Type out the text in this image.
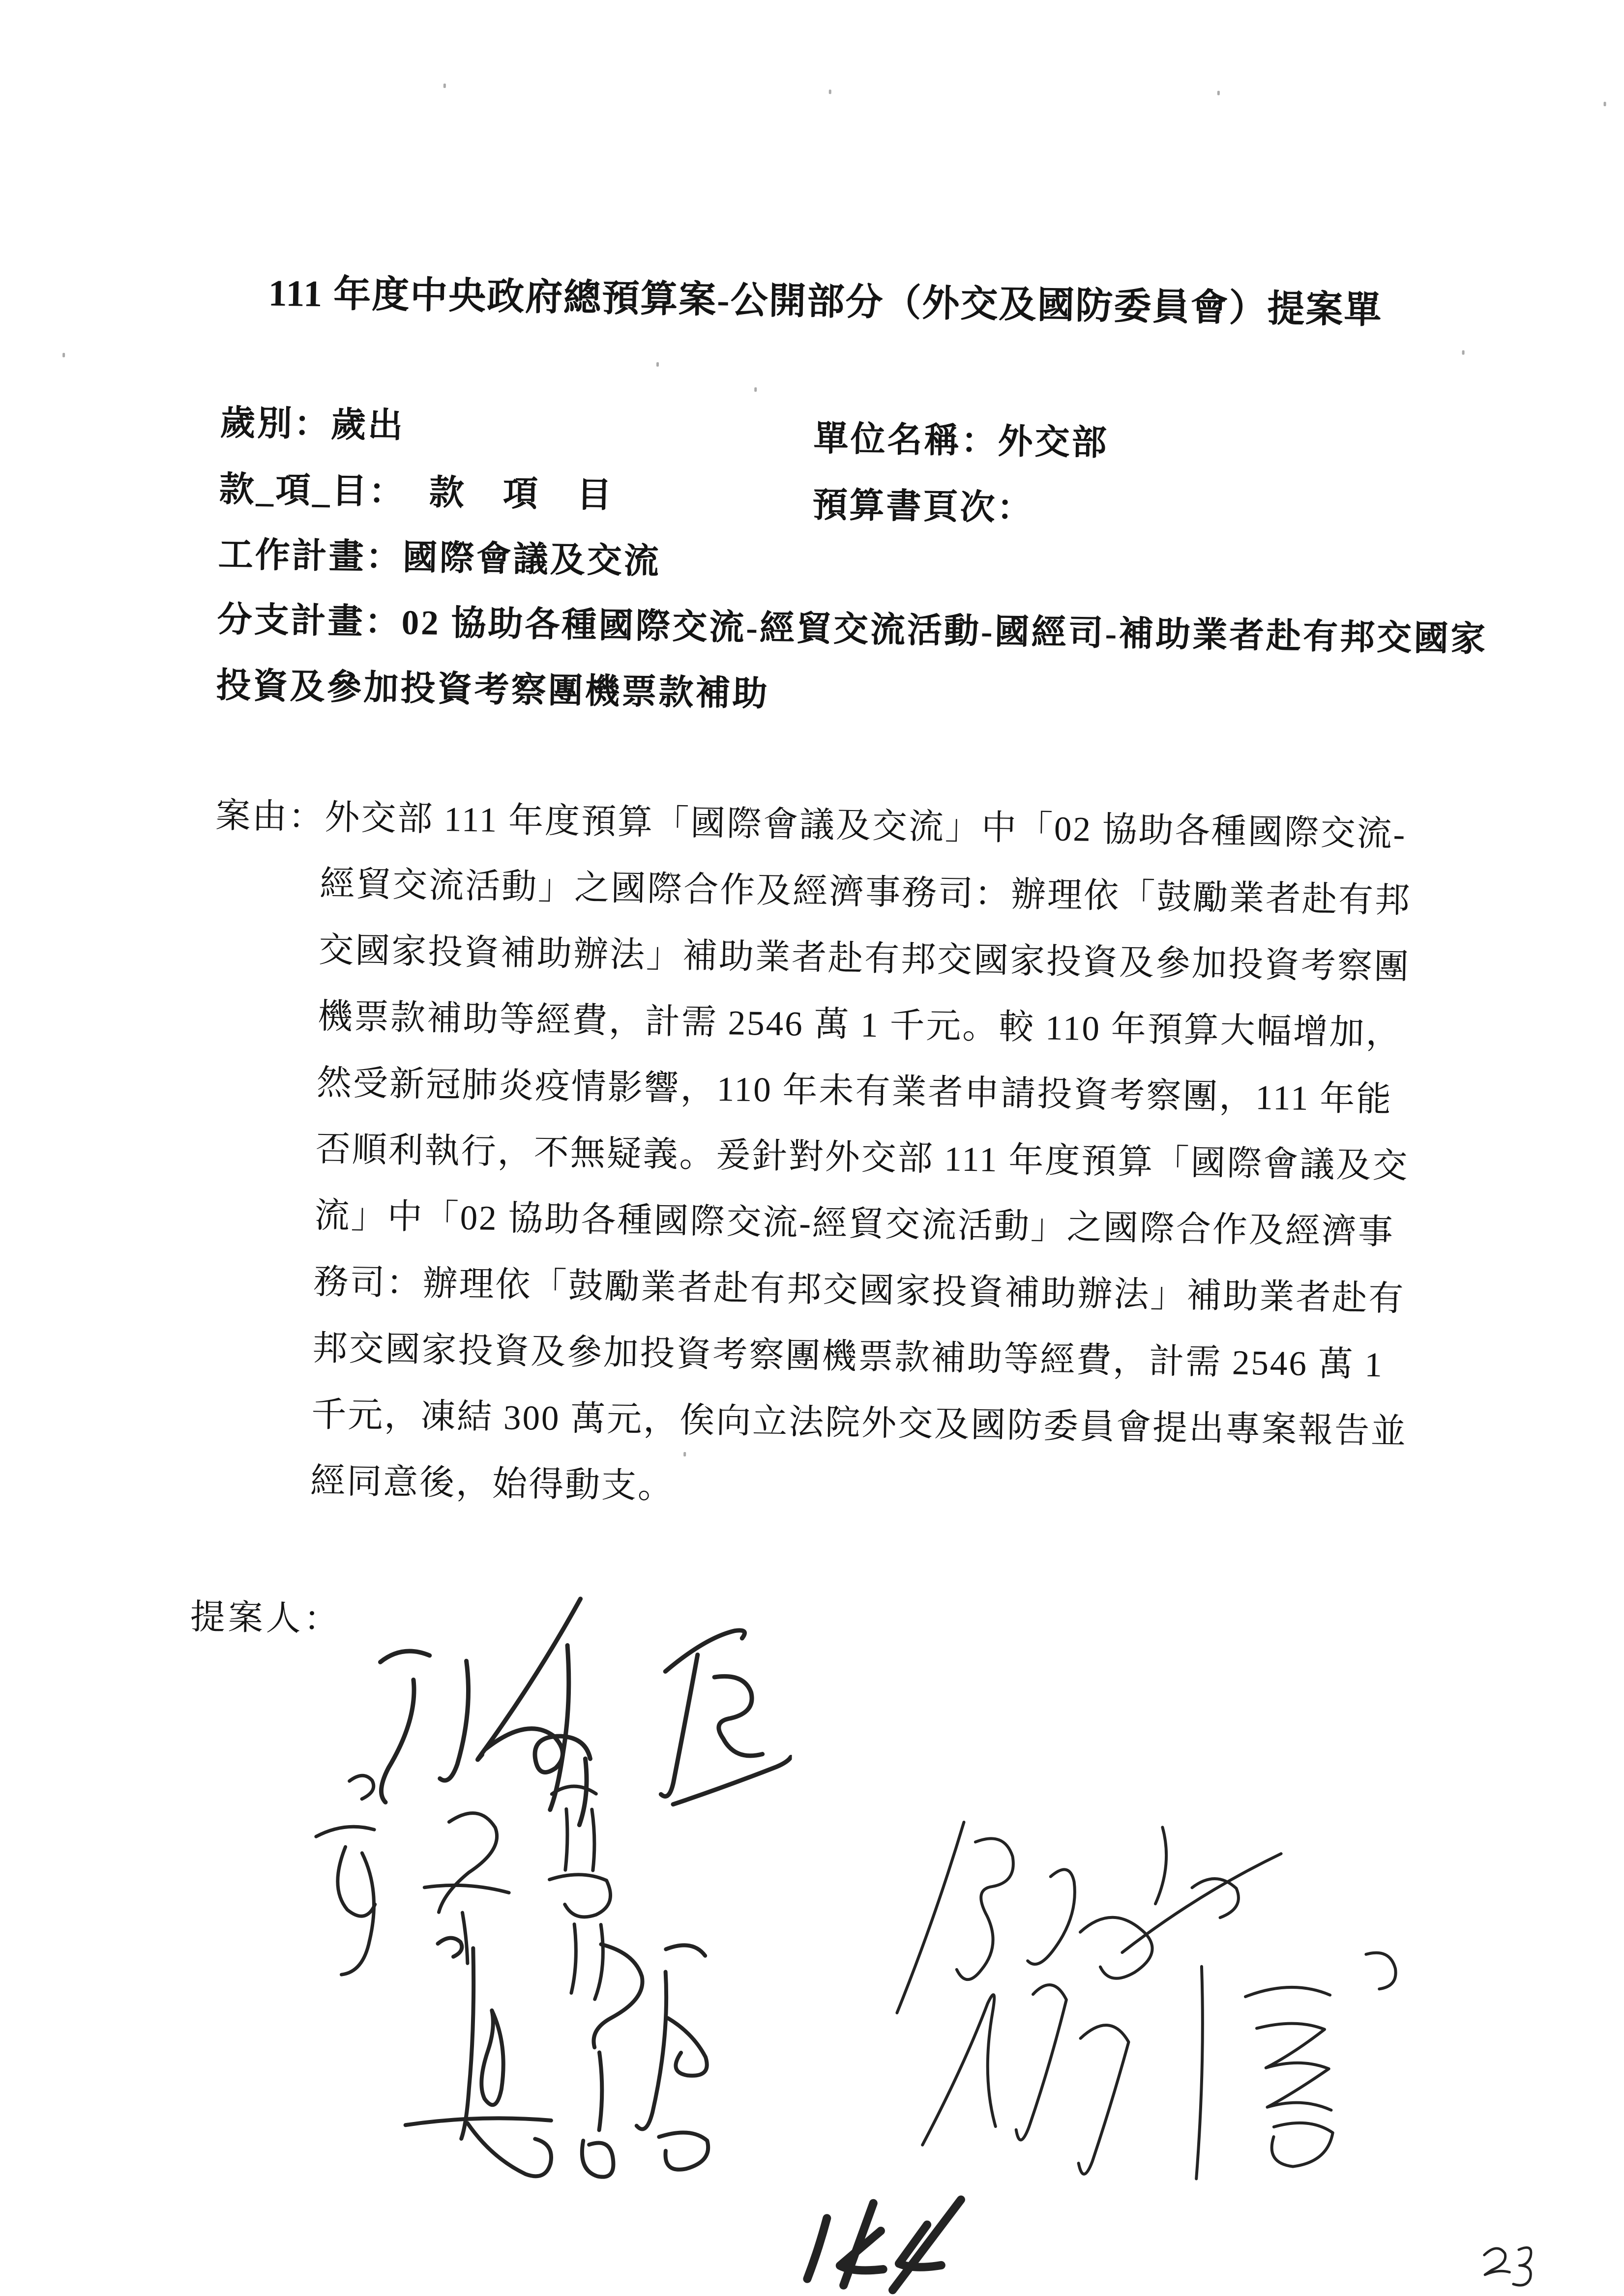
111 年度中央政府總預算案-公開部分（外交及國防委員會）提案單
歲別：歲出	單位名稱：外交部
款_項_目： 款　項　目	預算書頁次：
工作計畫：國際會議及交流
分支計畫：02 協助各種國際交流-經貿交流活動-國經司-補助業者赴有邦交國家
投資及參加投資考察團機票款補助
案由：外交部 111 年度預算「國際會議及交流」中「02 協助各種國際交流-
經貿交流活動」之國際合作及經濟事務司：辦理依「鼓勵業者赴有邦
交國家投資補助辦法」補助業者赴有邦交國家投資及參加投資考察團
機票款補助等經費，計需 2546 萬 1 千元。較 110 年預算大幅增加，
然受新冠肺炎疫情影響，110 年未有業者申請投資考察團，111 年能
否順利執行，不無疑義。爰針對外交部 111 年度預算「國際會議及交
流」中「02 協助各種國際交流-經貿交流活動」之國際合作及經濟事
務司：辦理依「鼓勵業者赴有邦交國家投資補助辦法」補助業者赴有
邦交國家投資及參加投資考察團機票款補助等經費，計需 2546 萬 1
千元，凍結 300 萬元，俟向立法院外交及國防委員會提出專案報告並
經同意後，始得動支。
提案人：
